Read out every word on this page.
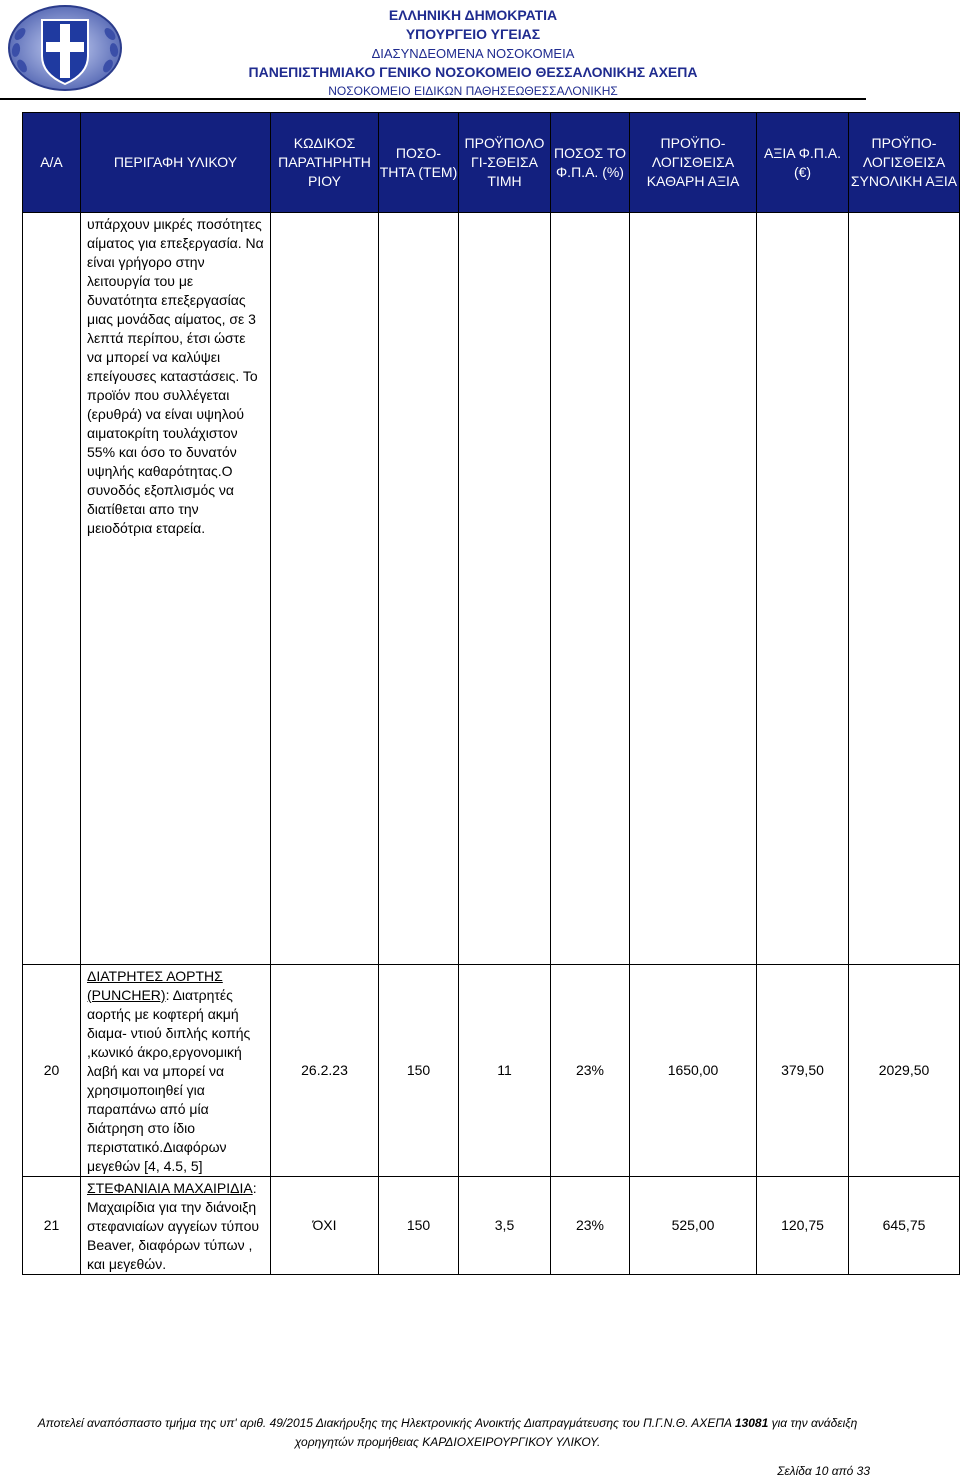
ΕΛΛΗΝΙΚΗ ΔΗΜΟΚΡΑΤΙΑ
ΥΠΟΥΡΓΕΙΟ ΥΓΕΙΑΣ
ΔΙΑΣΥΝΔΕΟΜΕΝΑ ΝΟΣΟΚΟΜΕΙΑ
ΠΑΝΕΠΙΣΤΗΜΙΑΚΟ ΓΕΝΙΚΟ ΝΟΣΟΚΟΜΕΙΟ ΘΕΣΣΑΛΟΝΙΚΗΣ ΑΧΕΠΑ
ΝΟΣΟΚΟΜΕΙΟ ΕΙΔΙΚΩΝ ΠΑΘΗΣΕΩΘΕΣΣΑΛΟΝΙΚΗΣ
Α/Α	ΠΕΡΙΓΑΦΗ ΥΛΙΚΟΥ	ΚΩΔΙΚΟΣ ΠΑΡΑΤΗΡΗΤΗ ΡΙΟΥ	ΠΟΣΟ- ΤΗΤΑ (ΤΕΜ)	ΠΡΟΫΠΟΛΟ ΓΙ-ΣΘΕΙΣΑ ΤΙΜΗ	ΠΟΣΟΣ ΤΟ Φ.Π.Α. (%)	ΠΡΟΫΠΟ- ΛΟΓΙΣΘΕΙΣΑ ΚΑΘΑΡΗ ΑΞΙΑ	ΑΞΙΑ Φ.Π.Α. (€)	ΠΡΟΫΠΟ- ΛΟΓΙΣΘΕΙΣΑ ΣΥΝΟΛΙΚΗ ΑΞΙΑ
	υπάρχουν μικρές ποσότητες αίματος για επεξεργασία. Να είναι γρήγορο στην λειτουργία του με δυνατότητα επεξεργασίας μιας μονάδας αίματος, σε 3 λεπτά περίπου, έτσι ώστε να μπορεί να καλύψει επείγουσες καταστάσεις. Το προϊόν που συλλέγεται (ερυθρά) να είναι υψηλού αιματοκρίτη τουλάχιστον 55% και όσο το δυνατόν υψηλής καθαρότητας.Ο συνοδός εξοπλισμός να διατίθεται απο την μειοδότρια εταρεία.							
20	ΔΙΑΤΡΗΤΕΣ ΑΟΡΤΗΣ (PUNCHER): Διατρητές αορτής με κοφτερή ακμή διαμα- ντιού διπλής κοπής ,κωνικό άκρο,εργονομική λαβή και να μπορεί να χρησιμοποιηθεί για παραπάνω από μία διάτρηση στο ίδιο περιστατικό.Διαφόρων μεγεθών [4, 4.5, 5]	26.2.23	150	11	23%	1650,00	379,50	2029,50
21	ΣΤΕΦΑΝΙΑΙΑ ΜΑΧΑΙΡΙΔΙΑ: Μαχαιρίδια για την διάνοιξη στεφανιαίων αγγείων τύπου Beaver, διαφόρων τύπων , και μεγεθών.	ΌΧΙ	150	3,5	23%	525,00	120,75	645,75
Αποτελεί αναπόσπαστο τμήμα της υπ' αριθ. 49/2015 Διακήρυξης της Ηλεκτρονικής Ανοικτής Διαπραγμάτευσης του Π.Γ.Ν.Θ. ΑΧΕΠΑ 13081 για την ανάδειξη
χορηγητών προμήθειας ΚΑΡΔΙΟΧΕΙΡΟΥΡΓΙΚΟΥ ΥΛΙΚΟΥ.
Σελίδα 10 από 33
